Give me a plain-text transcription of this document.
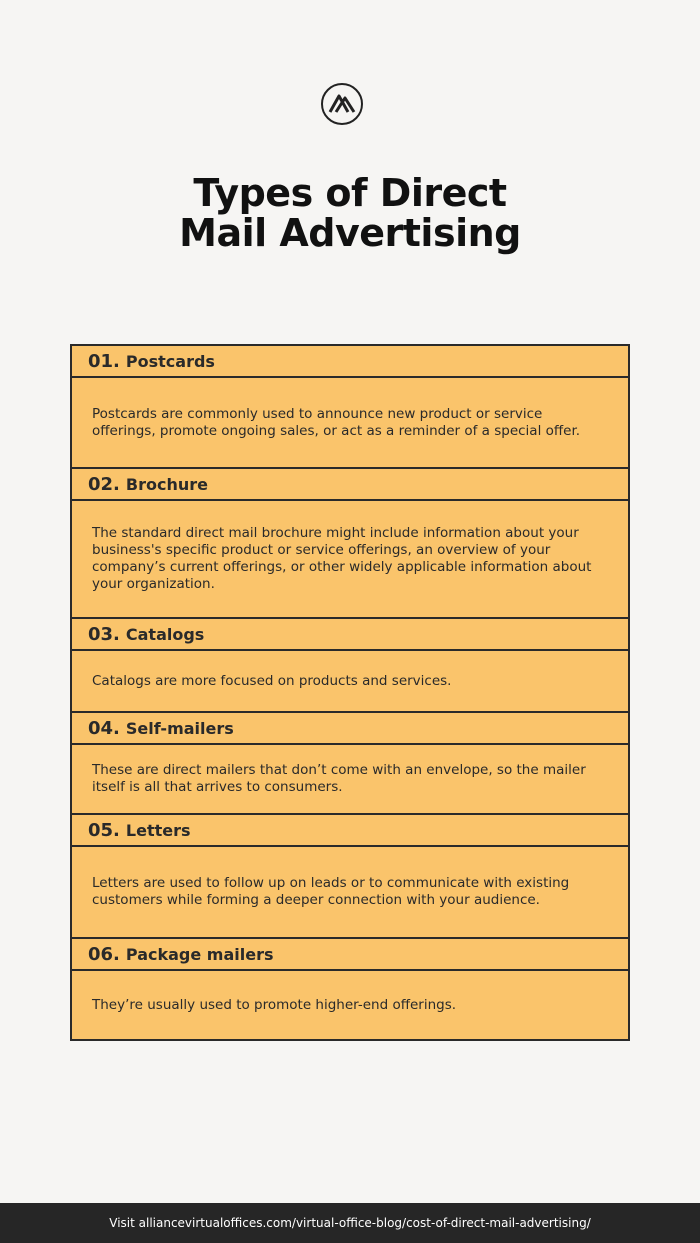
Types of Direct
Mail Advertising
01. Postcards
Postcards are commonly used to announce new product or service offerings, promote ongoing sales, or act as a reminder of a special offer.
02. Brochure
The standard direct mail brochure might include information about your business's specific product or service offerings, an overview of your company’s current offerings, or other widely applicable information about your organization.
03. Catalogs
Catalogs are more focused on products and services.
04. Self-mailers
These are direct mailers that don’t come with an envelope, so the mailer itself is all that arrives to consumers.
05. Letters
Letters are used to follow up on leads or to communicate with existing customers while forming a deeper connection with your audience.
06. Package mailers
They’re usually used to promote higher-end offerings.
Visit alliancevirtualoffices.com/virtual-office-blog/cost-of-direct-mail-advertising/
